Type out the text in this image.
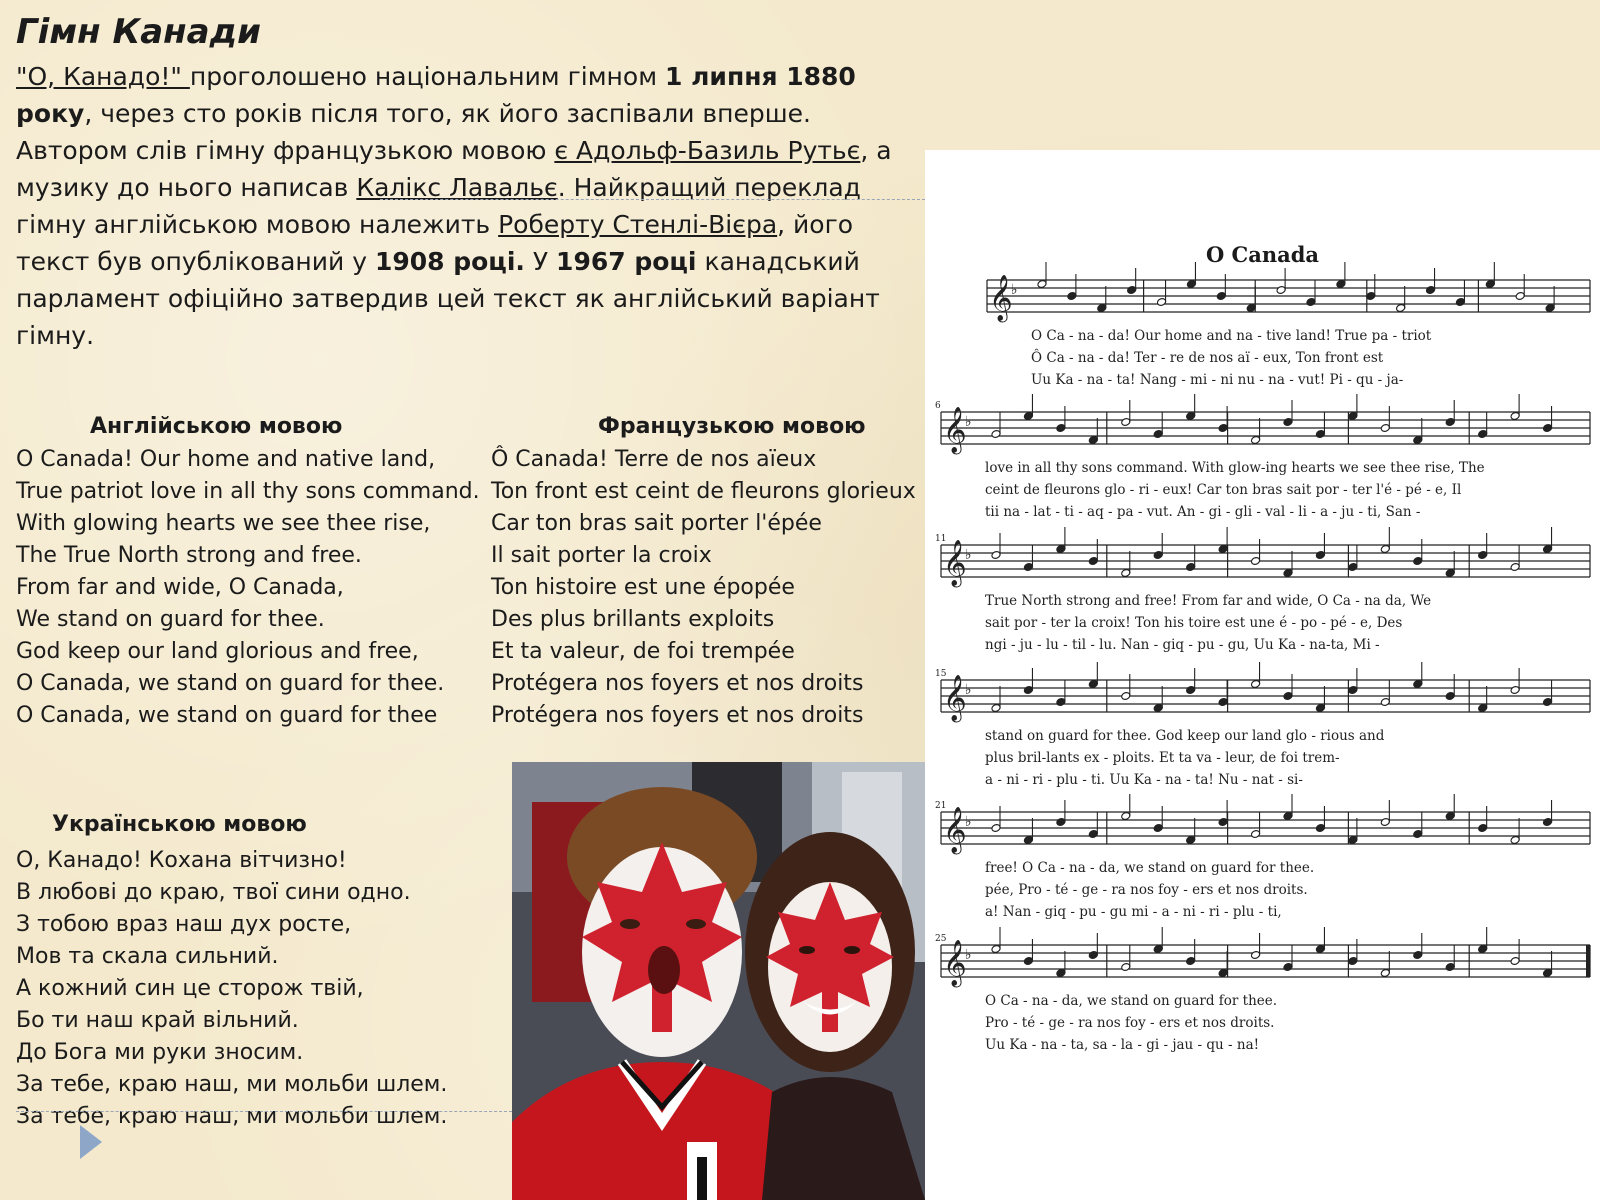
Гімн Канади
"О, Канадо!" проголошено національним гімном 1 липня 1880 року, через сто років після того, як його заспівали вперше. Автором слів гімну французькою мовою є Адольф-Базиль Рутьє, а музику до нього написав Калікс Лавальє. Найкращий переклад гімну англійською мовою належить Роберту Стенлі-Вієра, його текст був опублікований у 1908 році. У 1967 році канадський парламент офіційно затвердив цей текст як англійський варіант гімну.
Англійською мовою
O Canada! Our home and native land,
True patriot love in all thy sons command.
With glowing hearts we see thee rise,
The True North strong and free.
From far and wide, O Canada,
We stand on guard for thee.
God keep our land glorious and free,
O Canada, we stand on guard for thee.
O Canada, we stand on guard for thee
Французькою мовою
Ô Canada! Terre de nos aïeux
Ton front est ceint de fleurons glorieux
Car ton bras sait porter l'épée
Il sait porter la croix
Ton histoire est une épopée
Des plus brillants exploits
Et ta valeur, de foi trempée
Protégera nos foyers et nos droits
Protégera nos foyers et nos droits
Українською мовою
О, Канадо! Кохана вітчизно!
В любові до краю, твої сини одно.
З тобою враз наш дух росте,
Мов та скала сильний.
А кожний син це сторож твій,
Бо ти наш край вільний.
До Бога ми руки зносим.
За тебе, краю наш, ми мольби шлем.
За тебе, краю наш, ми мольби шлем.
O Canada
𝄞
♭
O Ca - na - da! Our home and na - tive land! True pa - triot
Ô Ca - na - da! Ter - re de nos aï - eux, Ton front est
Uu Ka - na - ta! Nang - mi - ni nu - na - vut! Pi - qu - ja-
𝄞
♭
6
love in all thy sons command. With glow-ing hearts we see thee rise, The
ceint de fleurons glo - ri - eux! Car ton bras sait por - ter l'é - pé - e, Il
tii na - lat - ti - aq - pa - vut. An - gi - gli - val - li - a - ju - ti, San -
𝄞
♭
11
True North strong and free! From far and wide, O Ca - na da, We
sait por - ter la croix! Ton his toire est une é - po - pé - e, Des
ngi - ju - lu - til - lu. Nan - giq - pu - gu, Uu Ka - na-ta, Mi -
𝄞
♭
15
stand on guard for thee. God keep our land glo - rious and
plus bril-lants ex - ploits. Et ta va - leur, de foi trem-
a - ni - ri - plu - ti. Uu Ka - na - ta! Nu - nat - si-
𝄞
♭
21
free! O Ca - na - da, we stand on guard for thee.
pée, Pro - té - ge - ra nos foy - ers et nos droits.
a! Nan - giq - pu - gu mi - a - ni - ri - plu - ti,
𝄞
♭
25
O Ca - na - da, we stand on guard for thee.
Pro - té - ge - ra nos foy - ers et nos droits.
Uu Ka - na - ta, sa - la - gi - jau - qu - na!
